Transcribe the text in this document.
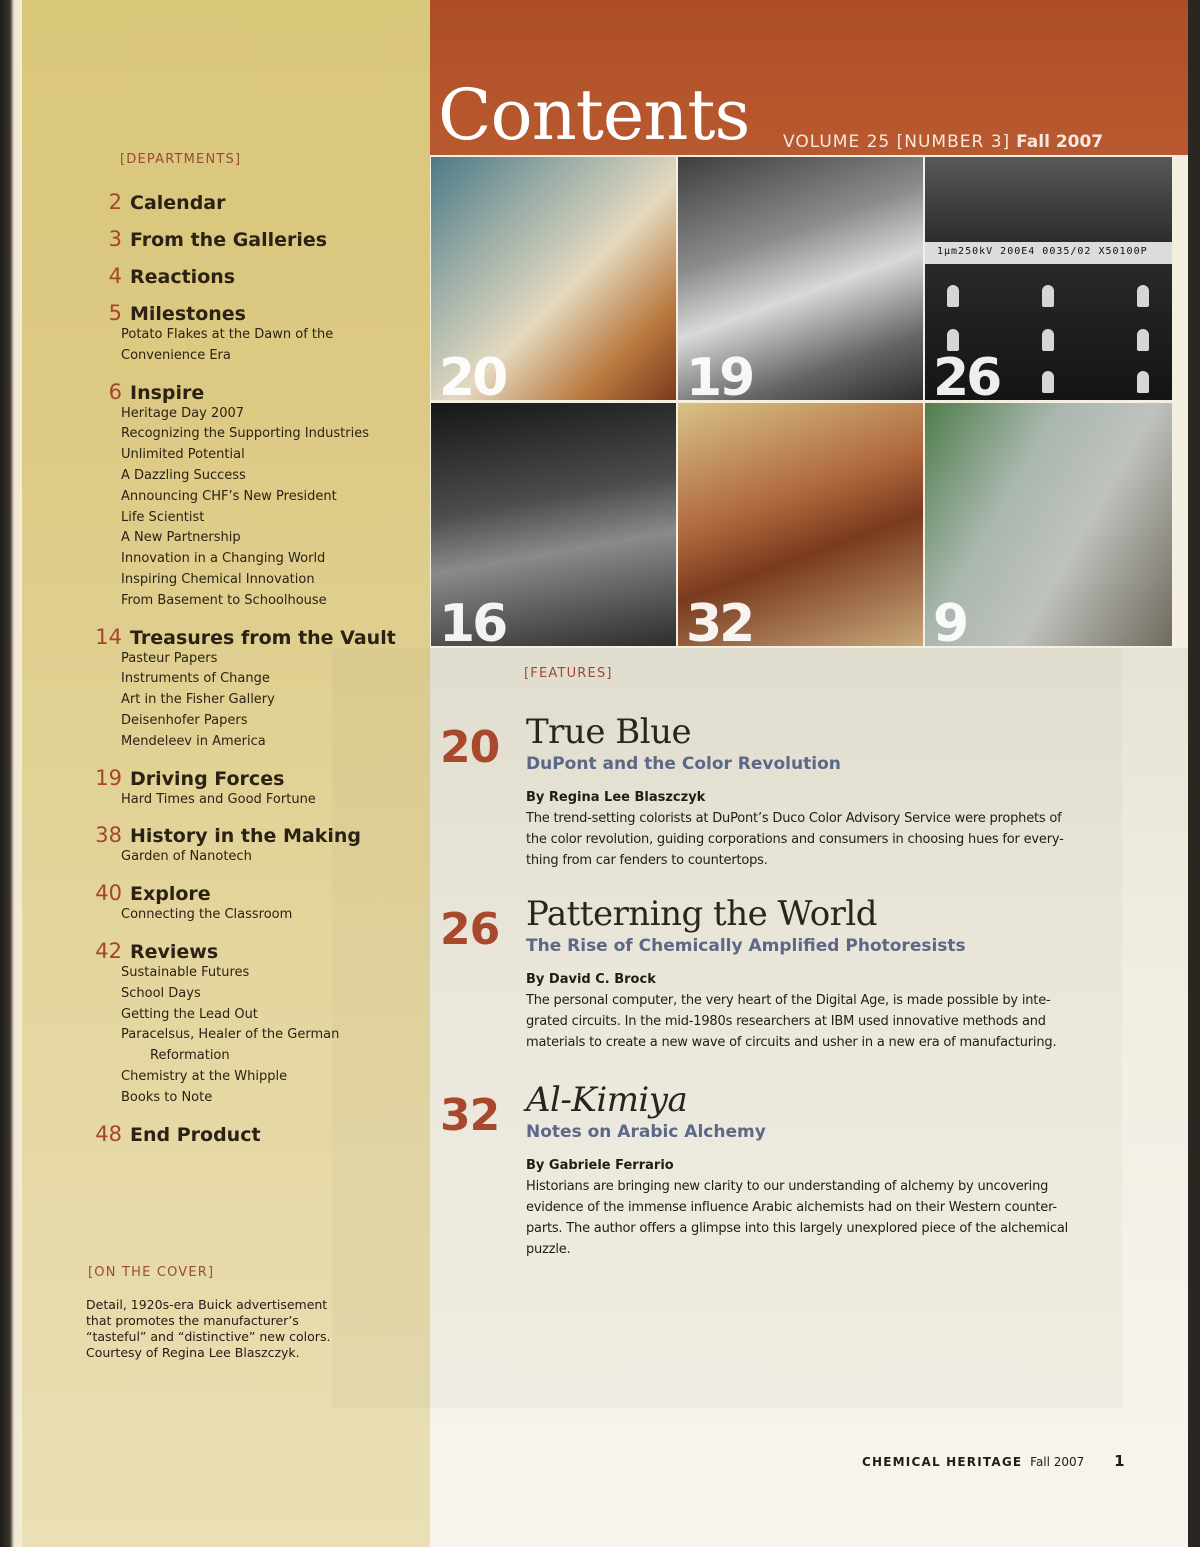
Contents VOLUME 25 [NUMBER 3] Fall 2007
20	19
1µm250kV 200E4 0035/02 X50100P
26
16	32	9
[DEPARTMENTS]
2 Calendar
3 From the Galleries
4 Reactions
5 Milestones
Potato Flakes at the Dawn of the
Convenience Era
6 Inspire
Heritage Day 2007
Recognizing the Supporting Industries
Unlimited Potential
A Dazzling Success
Announcing CHF’s New President
Life Scientist
A New Partnership
Innovation in a Changing World
Inspiring Chemical Innovation
From Basement to Schoolhouse
14 Treasures from the Vault
Pasteur Papers
Instruments of Change
Art in the Fisher Gallery
Deisenhofer Papers
Mendeleev in America
19 Driving Forces
Hard Times and Good Fortune
38 History in the Making
Garden of Nanotech
40 Explore
Connecting the Classroom
42 Reviews
Sustainable Futures
School Days
Getting the Lead Out
Paracelsus, Healer of the German
Reformation
Chemistry at the Whipple
Books to Note
48 End Product
[ON THE COVER]
Detail, 1920s-era Buick advertisement
that promotes the manufacturer’s
“tasteful” and “distinctive” new colors.
Courtesy of Regina Lee Blaszczyk.
[FEATURES]
20 True Blue
DuPont and the Color Revolution
By Regina Lee Blaszczyk
The trend-setting colorists at DuPont’s Duco Color Advisory Service were prophets of
the color revolution, guiding corporations and consumers in choosing hues for every-
thing from car fenders to countertops.
26 Patterning the World
The Rise of Chemically Amplified Photoresists
By David C. Brock
The personal computer, the very heart of the Digital Age, is made possible by inte-
grated circuits. In the mid-1980s researchers at IBM used innovative methods and
materials to create a new wave of circuits and usher in a new era of manufacturing.
32 Al-Kimiya
Notes on Arabic Alchemy
By Gabriele Ferrario
Historians are bringing new clarity to our understanding of alchemy by uncovering
evidence of the immense influence Arabic alchemists had on their Western counter-
parts. The author offers a glimpse into this largely unexplored piece of the alchemical
puzzle.
CHEMICAL HERITAGE Fall 2007 1
